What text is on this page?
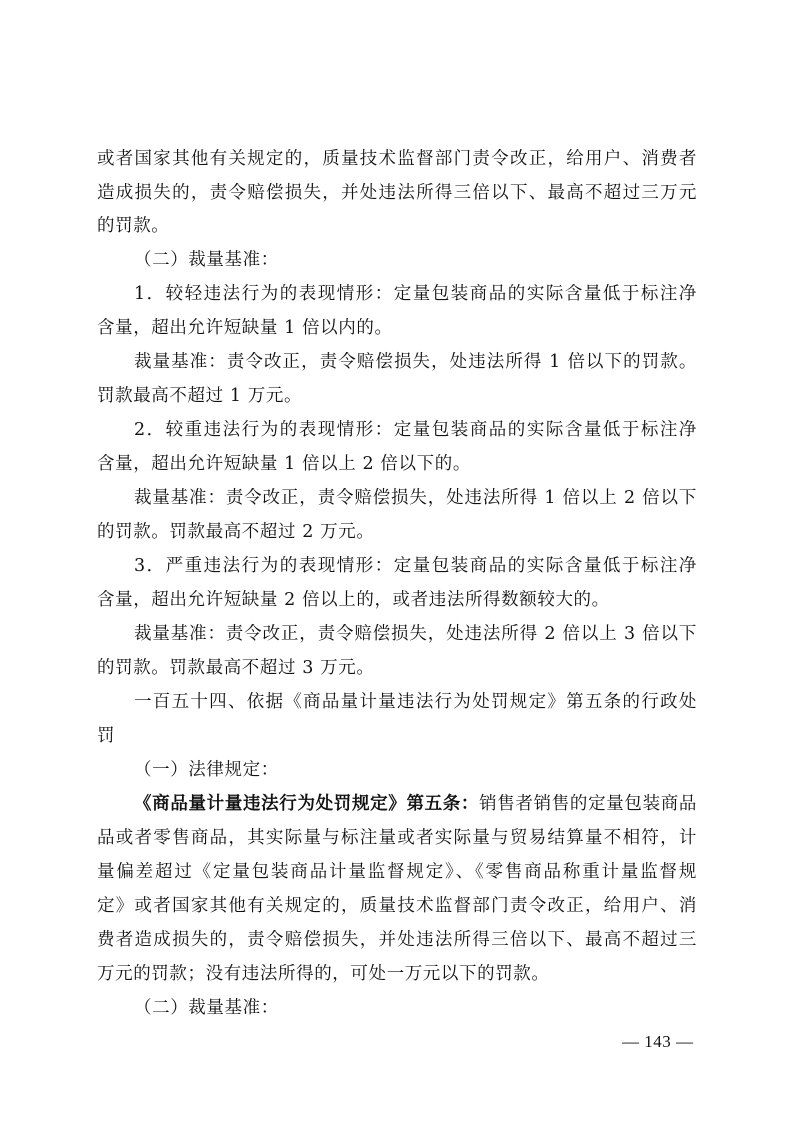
或者国家其他有关规定的，质量技术监督部门责令改正，给用户、消费者
造成损失的，责令赔偿损失，并处违法所得三倍以下、最高不超过三万元
的罚款。
（二）裁量基准：
1．较轻违法行为的表现情形：定量包装商品的实际含量低于标注净
含量，超出允许短缺量 1 倍以内的。
裁量基准：责令改正，责令赔偿损失，处违法所得 1 倍以下的罚款。
罚款最高不超过 1 万元。
2．较重违法行为的表现情形：定量包装商品的实际含量低于标注净
含量，超出允许短缺量 1 倍以上 2 倍以下的。
裁量基准：责令改正，责令赔偿损失，处违法所得 1 倍以上 2 倍以下
的罚款。罚款最高不超过 2 万元。
3．严重违法行为的表现情形：定量包装商品的实际含量低于标注净
含量，超出允许短缺量 2 倍以上的，或者违法所得数额较大的。
裁量基准：责令改正，责令赔偿损失，处违法所得 2 倍以上 3 倍以下
的罚款。罚款最高不超过 3 万元。
一百五十四、依据《商品量计量违法行为处罚规定》第五条的行政处
罚
（一）法律规定：
《商品量计量违法行为处罚规定》第五条：销售者销售的定量包装商品
品或者零售商品，其实际量与标注量或者实际量与贸易结算量不相符，计
量偏差超过《定量包装商品计量监督规定》、《零售商品称重计量监督规
定》或者国家其他有关规定的，质量技术监督部门责令改正，给用户、消
费者造成损失的，责令赔偿损失，并处违法所得三倍以下、最高不超过三
万元的罚款；没有违法所得的，可处一万元以下的罚款。
（二）裁量基准：
— 143 —
